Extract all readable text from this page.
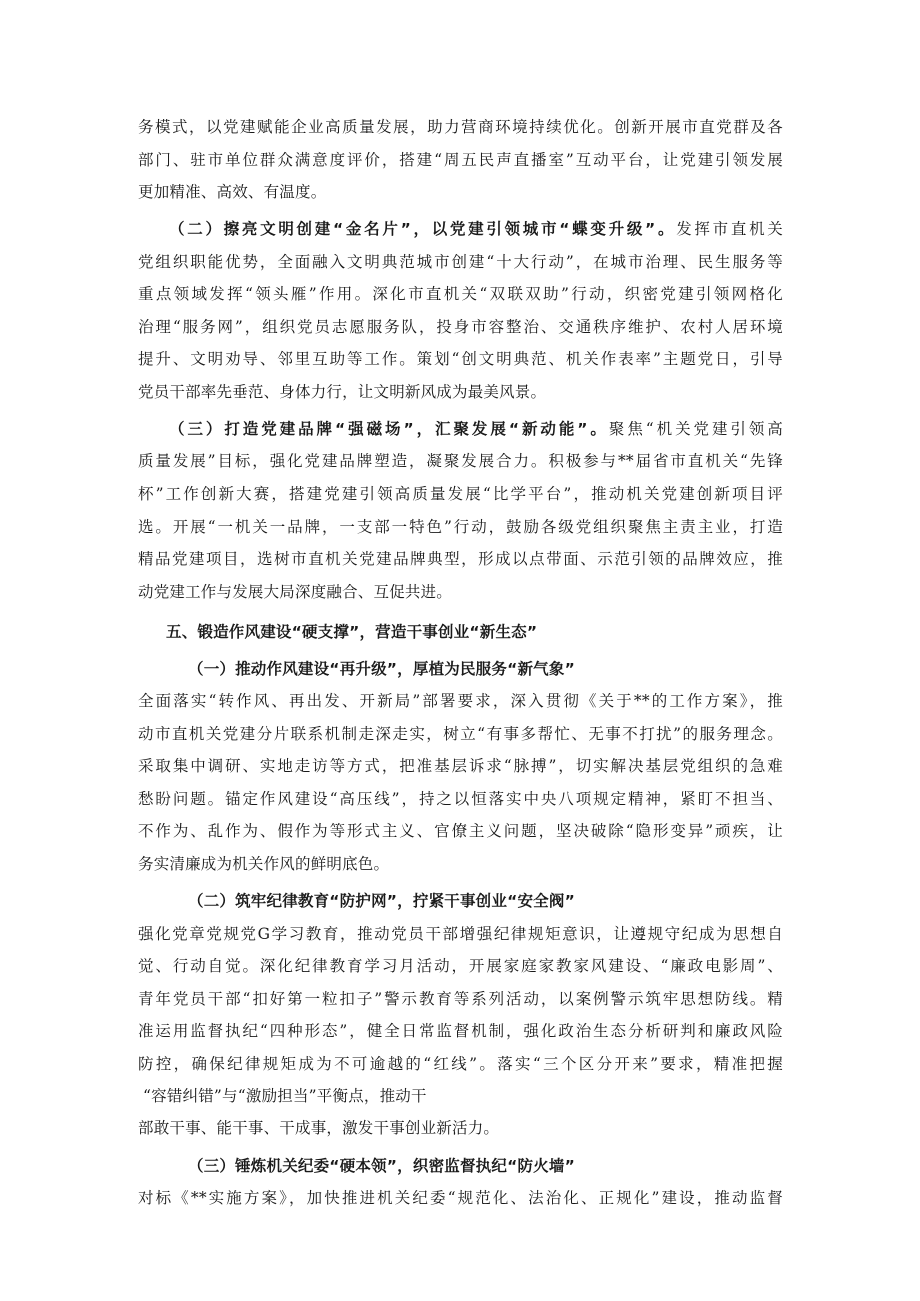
务模式，以党建赋能企业高质量发展，助力营商环境持续优化。创新开展市直党群及各
部门、驻市单位群众满意度评价，搭建“周五民声直播室”互动平台，让党建引领发展
更加精准、高效、有温度。
（二）擦亮文明创建“金名片”，以党建引领城市“蝶变升级”。发挥市直机关
党组织职能优势，全面融入文明典范城市创建“十大行动”，在城市治理、民生服务等
重点领域发挥“领头雁”作用。深化市直机关“双联双助”行动，织密党建引领网格化
治理“服务网”，组织党员志愿服务队，投身市容整治、交通秩序维护、农村人居环境
提升、文明劝导、邻里互助等工作。策划“创文明典范、机关作表率”主题党日，引导
党员干部率先垂范、身体力行，让文明新风成为最美风景。
（三）打造党建品牌“强磁场”，汇聚发展“新动能”。聚焦“机关党建引领高
质量发展”目标，强化党建品牌塑造，凝聚发展合力。积极参与**届省市直机关“先锋
杯”工作创新大赛，搭建党建引领高质量发展“比学平台”，推动机关党建创新项目评
选。开展“一机关一品牌，一支部一特色”行动，鼓励各级党组织聚焦主责主业，打造
精品党建项目，选树市直机关党建品牌典型，形成以点带面、示范引领的品牌效应，推
动党建工作与发展大局深度融合、互促共进。
五、锻造作风建设“硬支撑”，营造干事创业“新生态”
（一）推动作风建设“再升级”，厚植为民服务“新气象”
全面落实“转作风、再出发、开新局”部署要求，深入贯彻《关于**的工作方案》，推
动市直机关党建分片联系机制走深走实，树立“有事多帮忙、无事不打扰”的服务理念。
采取集中调研、实地走访等方式，把准基层诉求“脉搏”，切实解决基层党组织的急难
愁盼问题。锚定作风建设“高压线”，持之以恒落实中央八项规定精神，紧盯不担当、
不作为、乱作为、假作为等形式主义、官僚主义问题，坚决破除“隐形变异”顽疾，让
务实清廉成为机关作风的鲜明底色。
（二）筑牢纪律教育“防护网”，拧紧干事创业“安全阀”
强化党章党规党G学习教育，推动党员干部增强纪律规矩意识，让遵规守纪成为思想自
觉、行动自觉。深化纪律教育学习月活动，开展家庭家教家风建设、“廉政电影周”、
青年党员干部“扣好第一粒扣子”警示教育等系列活动，以案例警示筑牢思想防线。精
准运用监督执纪“四种形态”，健全日常监督机制，强化政治生态分析研判和廉政风险
防控，确保纪律规矩成为不可逾越的“红线”。落实“三个区分开来”要求，精准把握
“容错纠错”与“激励担当”平衡点，推动干
部敢干事、能干事、干成事，激发干事创业新活力。
（三）锤炼机关纪委“硬本领”，织密监督执纪“防火墙”
对标《**实施方案》，加快推进机关纪委“规范化、法治化、正规化”建设，推动监督
